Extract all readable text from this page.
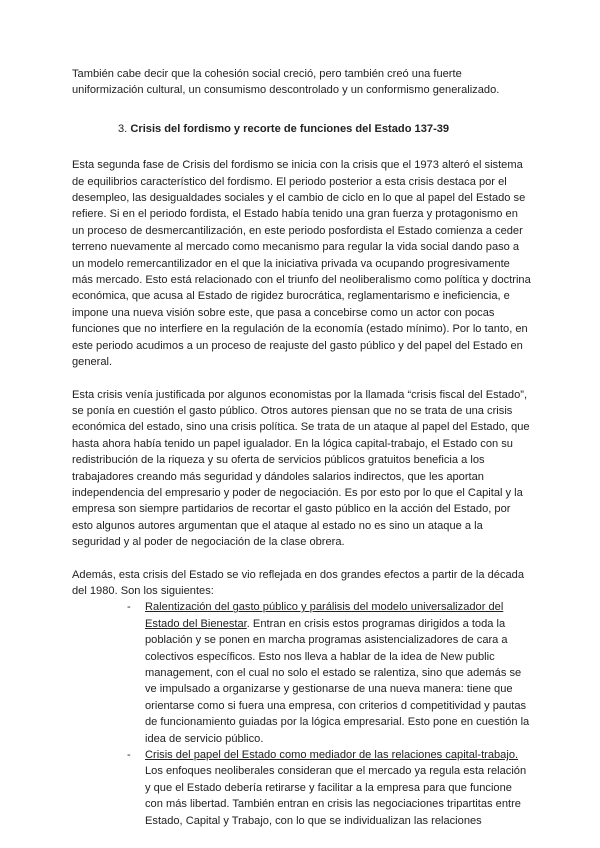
También cabe decir que la cohesión social creció, pero también creó una fuerte uniformización cultural, un consumismo descontrolado y un conformismo generalizado.

3. Crisis del fordismo y recorte de funciones del Estado 137-39

Esta segunda fase de Crisis del fordismo se inicia con la crisis que el 1973 alteró el sistema de equilibrios característico del fordismo. El periodo posterior a esta crisis destaca por el desempleo, las desigualdades sociales y el cambio de ciclo en lo que al papel del Estado se refiere. Si en el periodo fordista, el Estado había tenido una gran fuerza y protagonismo en un proceso de desmercantilización, en este periodo posfordista el Estado comienza a ceder terreno nuevamente al mercado como mecanismo para regular la vida social dando paso a un modelo remercantilizador en el que la iniciativa privada va ocupando progresivamente más mercado. Esto está relacionado con el triunfo del neoliberalismo como política y doctrina económica, que acusa al Estado de rigidez burocrática, reglamentarismo e ineficiencia, e impone una nueva visión sobre este, que pasa a concebirse como un actor con pocas funciones que no interfiere en la regulación de la economía (estado mínimo). Por lo tanto, en este periodo acudimos a un proceso de reajuste del gasto público y del papel del Estado en general.

Esta crisis venía justificada por algunos economistas por la llamada “crisis fiscal del Estado”, se ponía en cuestión el gasto público. Otros autores piensan que no se trata de una crisis económica del estado, sino una crisis política. Se trata de un ataque al papel del Estado, que hasta ahora había tenido un papel igualador. En la lógica capital-trabajo, el Estado con su redistribución de la riqueza y su oferta de servicios públicos gratuitos beneficia a los trabajadores creando más seguridad y dándoles salarios indirectos, que les aportan independencia del empresario y poder de negociación. Es por esto por lo que el Capital y la empresa son siempre partidarios de recortar el gasto público en la acción del Estado, por esto algunos autores argumentan que el ataque al estado no es sino un ataque a la seguridad y al poder de negociación de la clase obrera.

Además, esta crisis del Estado se vio reflejada en dos grandes efectos a partir de la década del 1980. Son los siguientes:

- Ralentización del gasto público y parálisis del modelo universalizador del Estado del Bienestar. Entran en crisis estos programas dirigidos a toda la población y se ponen en marcha programas asistencializadores de cara a colectivos específicos. Esto nos lleva a hablar de la idea de New public management, con el cual no solo el estado se ralentiza, sino que además se ve impulsado a organizarse y gestionarse de una nueva manera: tiene que orientarse como si fuera una empresa, con criterios d competitividad y pautas de funcionamiento guiadas por la lógica empresarial. Esto pone en cuestión la idea de servicio público.
- Crisis del papel del Estado como mediador de las relaciones capital-trabajo. Los enfoques neoliberales consideran que el mercado ya regula esta relación y que el Estado debería retirarse y facilitar a la empresa para que funcione con más libertad. También entran en crisis las negociaciones tripartitas entre Estado, Capital y Trabajo, con lo que se individualizan las relaciones
